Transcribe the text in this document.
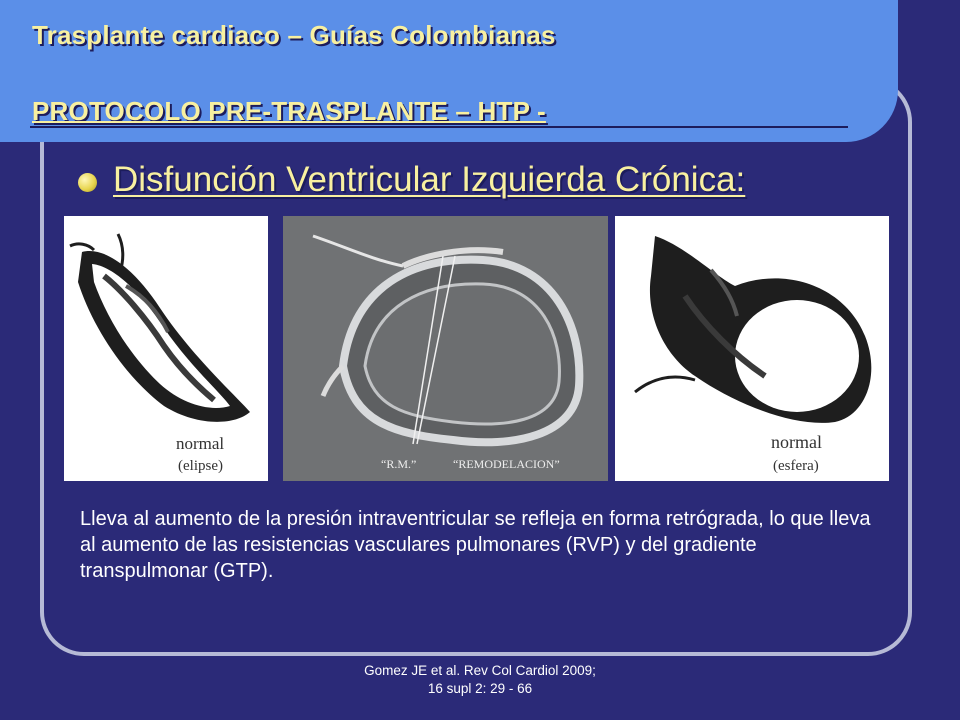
Trasplante cardiaco – Guías Colombianas
PROTOCOLO PRE-TRASPLANTE – HTP -
Disfunción Ventricular Izquierda Crónica:
normal
(elipse)	“R.M.”	“REMODELACION”
normal
(esfera)
Lleva al aumento de la presión intraventricular se refleja en forma retrógrada, lo que lleva al aumento de las resistencias vasculares pulmonares (RVP) y del gradiente transpulmonar (GTP).
Gomez JE et al. Rev Col Cardiol 2009;
16 supl 2: 29 - 66
